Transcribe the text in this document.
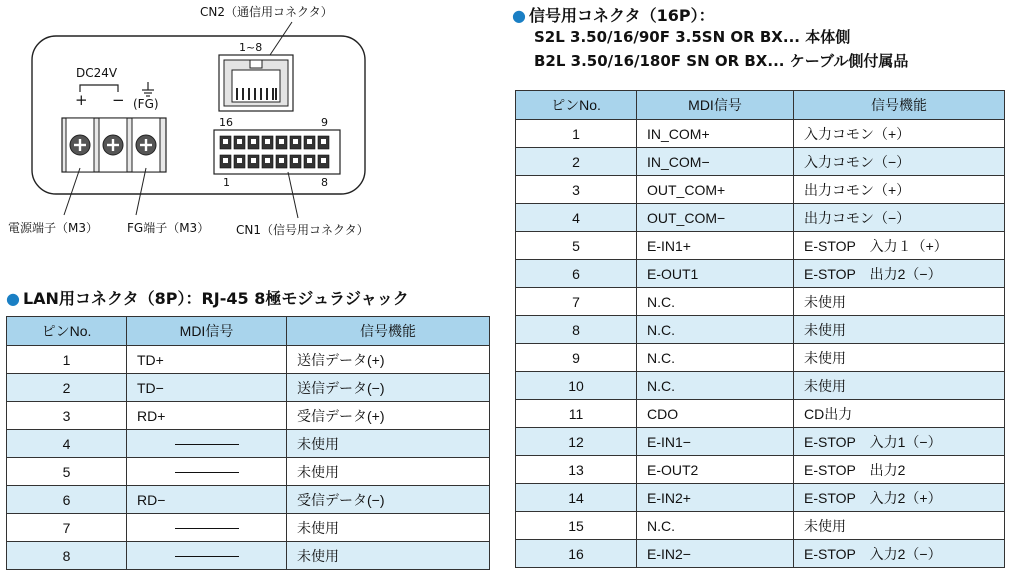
CN2（通信用コネクタ）
1~8
DC24V
+ − (FG)
16	9
1	8
電源端子（M3） FG端子（M3） CN1（信号用コネクタ）
● LAN用コネクタ（8P）：RJ-45 8極モジュラジャック
ピンNo.	MDI信号	信号機能
1	TD+	送信データ(+)
2	TD−	送信データ(−)
3	RD+	受信データ(+)
4		未使用
5		未使用
6	RD−	受信データ(−)
7		未使用
8		未使用
● 信号用コネクタ（16P）：
S2L 3.50/16/90F 3.5SN OR BX... 本体側
B2L 3.50/16/180F SN OR BX... ケーブル側付属品
ピンNo.	MDI信号	信号機能
1	IN_COM+	入力コモン（+）
2	IN_COM−	入力コモン（−）
3	OUT_COM+	出力コモン（+）
4	OUT_COM−	出力コモン（−）
5	E-IN1+	E-STOP　入力１（+）
6	E-OUT1	E-STOP　出力2（−）
7	N.C.	未使用
8	N.C.	未使用
9	N.C.	未使用
10	N.C.	未使用
11	CDO	CD出力
12	E-IN1−	E-STOP　入力1（−）
13	E-OUT2	E-STOP　出力2
14	E-IN2+	E-STOP　入力2（+）
15	N.C.	未使用
16	E-IN2−	E-STOP　入力2（−）
